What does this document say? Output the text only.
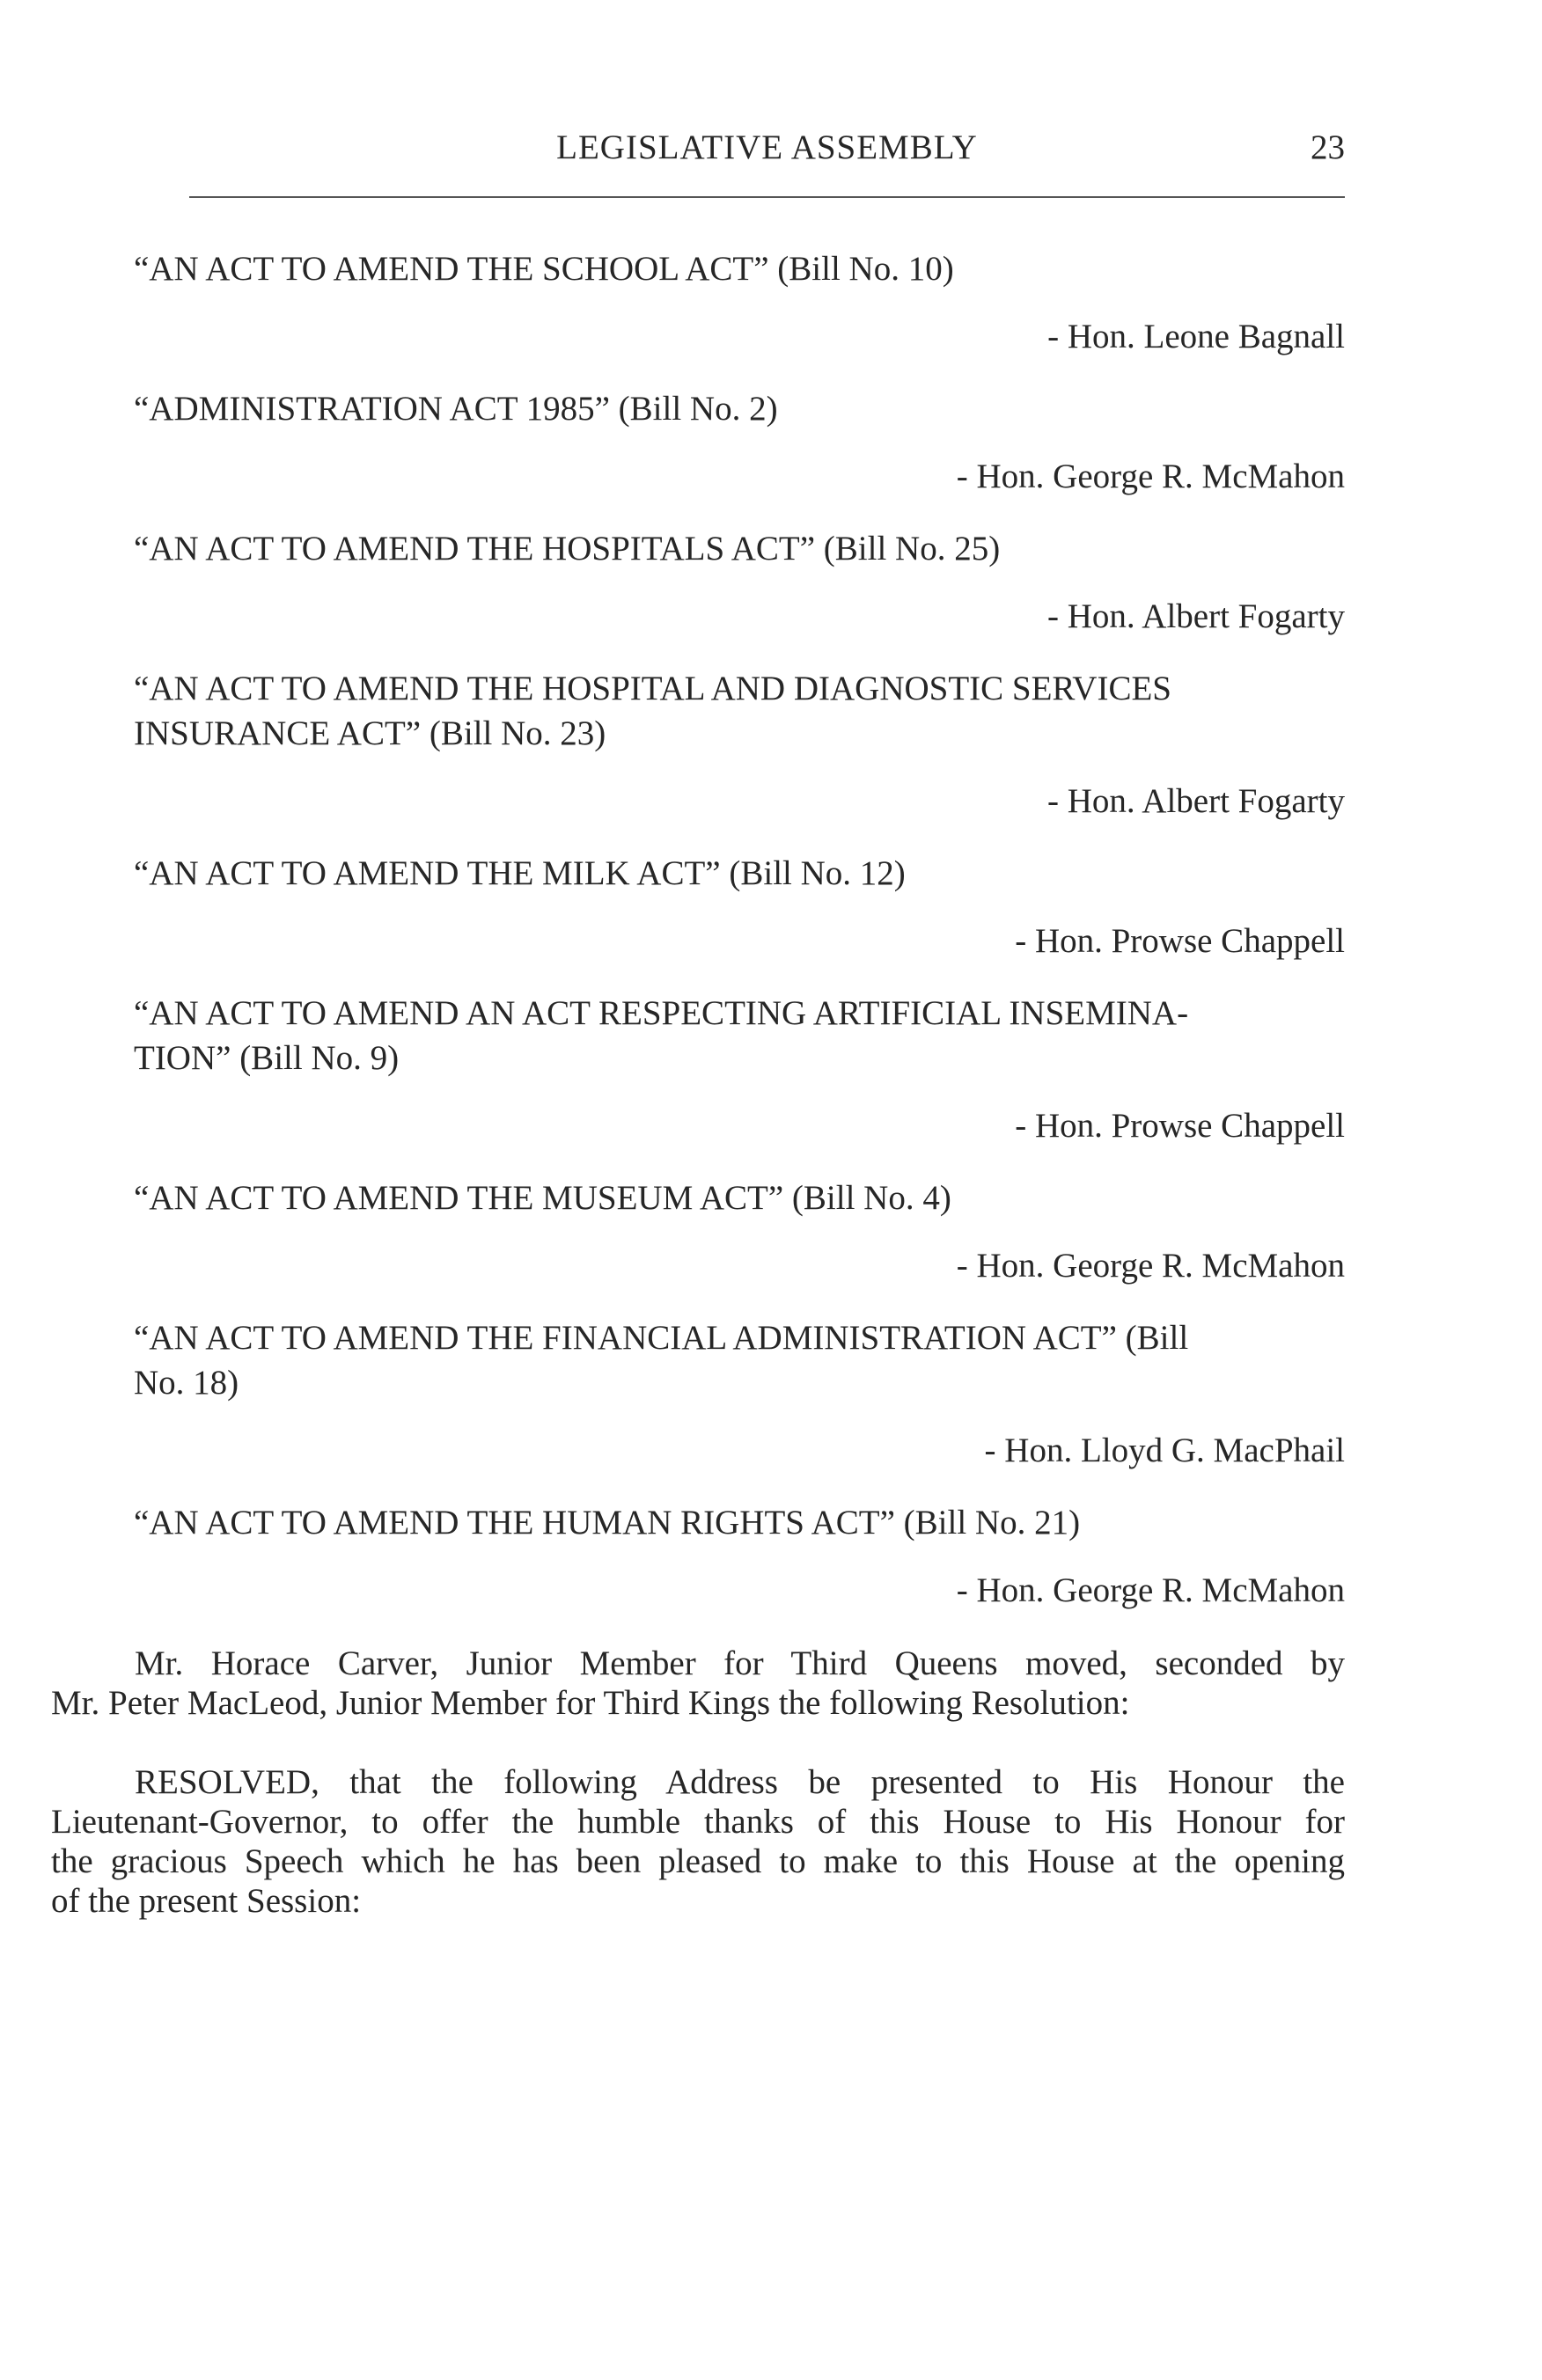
LEGISLATIVE ASSEMBLY	23
“AN ACT TO AMEND THE SCHOOL ACT” (Bill No. 10)
- Hon. Leone Bagnall
“ADMINISTRATION ACT 1985” (Bill No. 2)
- Hon. George R. McMahon
“AN ACT TO AMEND THE HOSPITALS ACT” (Bill No. 25)
- Hon. Albert Fogarty
“AN ACT TO AMEND THE HOSPITAL AND DIAGNOSTIC SERVICES
INSURANCE ACT” (Bill No. 23)
- Hon. Albert Fogarty
“AN ACT TO AMEND THE MILK ACT” (Bill No. 12)
- Hon. Prowse Chappell
“AN ACT TO AMEND AN ACT RESPECTING ARTIFICIAL INSEMINA-
TION” (Bill No. 9)
- Hon. Prowse Chappell
“AN ACT TO AMEND THE MUSEUM ACT” (Bill No. 4)
- Hon. George R. McMahon
“AN ACT TO AMEND THE FINANCIAL ADMINISTRATION ACT” (Bill
No. 18)
- Hon. Lloyd G. MacPhail
“AN ACT TO AMEND THE HUMAN RIGHTS ACT” (Bill No. 21)
- Hon. George R. McMahon
Mr. Horace Carver, Junior Member for Third Queens moved, seconded by
Mr. Peter MacLeod, Junior Member for Third Kings the following Resolution:
RESOLVED, that the following Address be presented to His Honour the
Lieutenant-Governor, to offer the humble thanks of this House to His Honour for
the gracious Speech which he has been pleased to make to this House at the opening
of the present Session:
